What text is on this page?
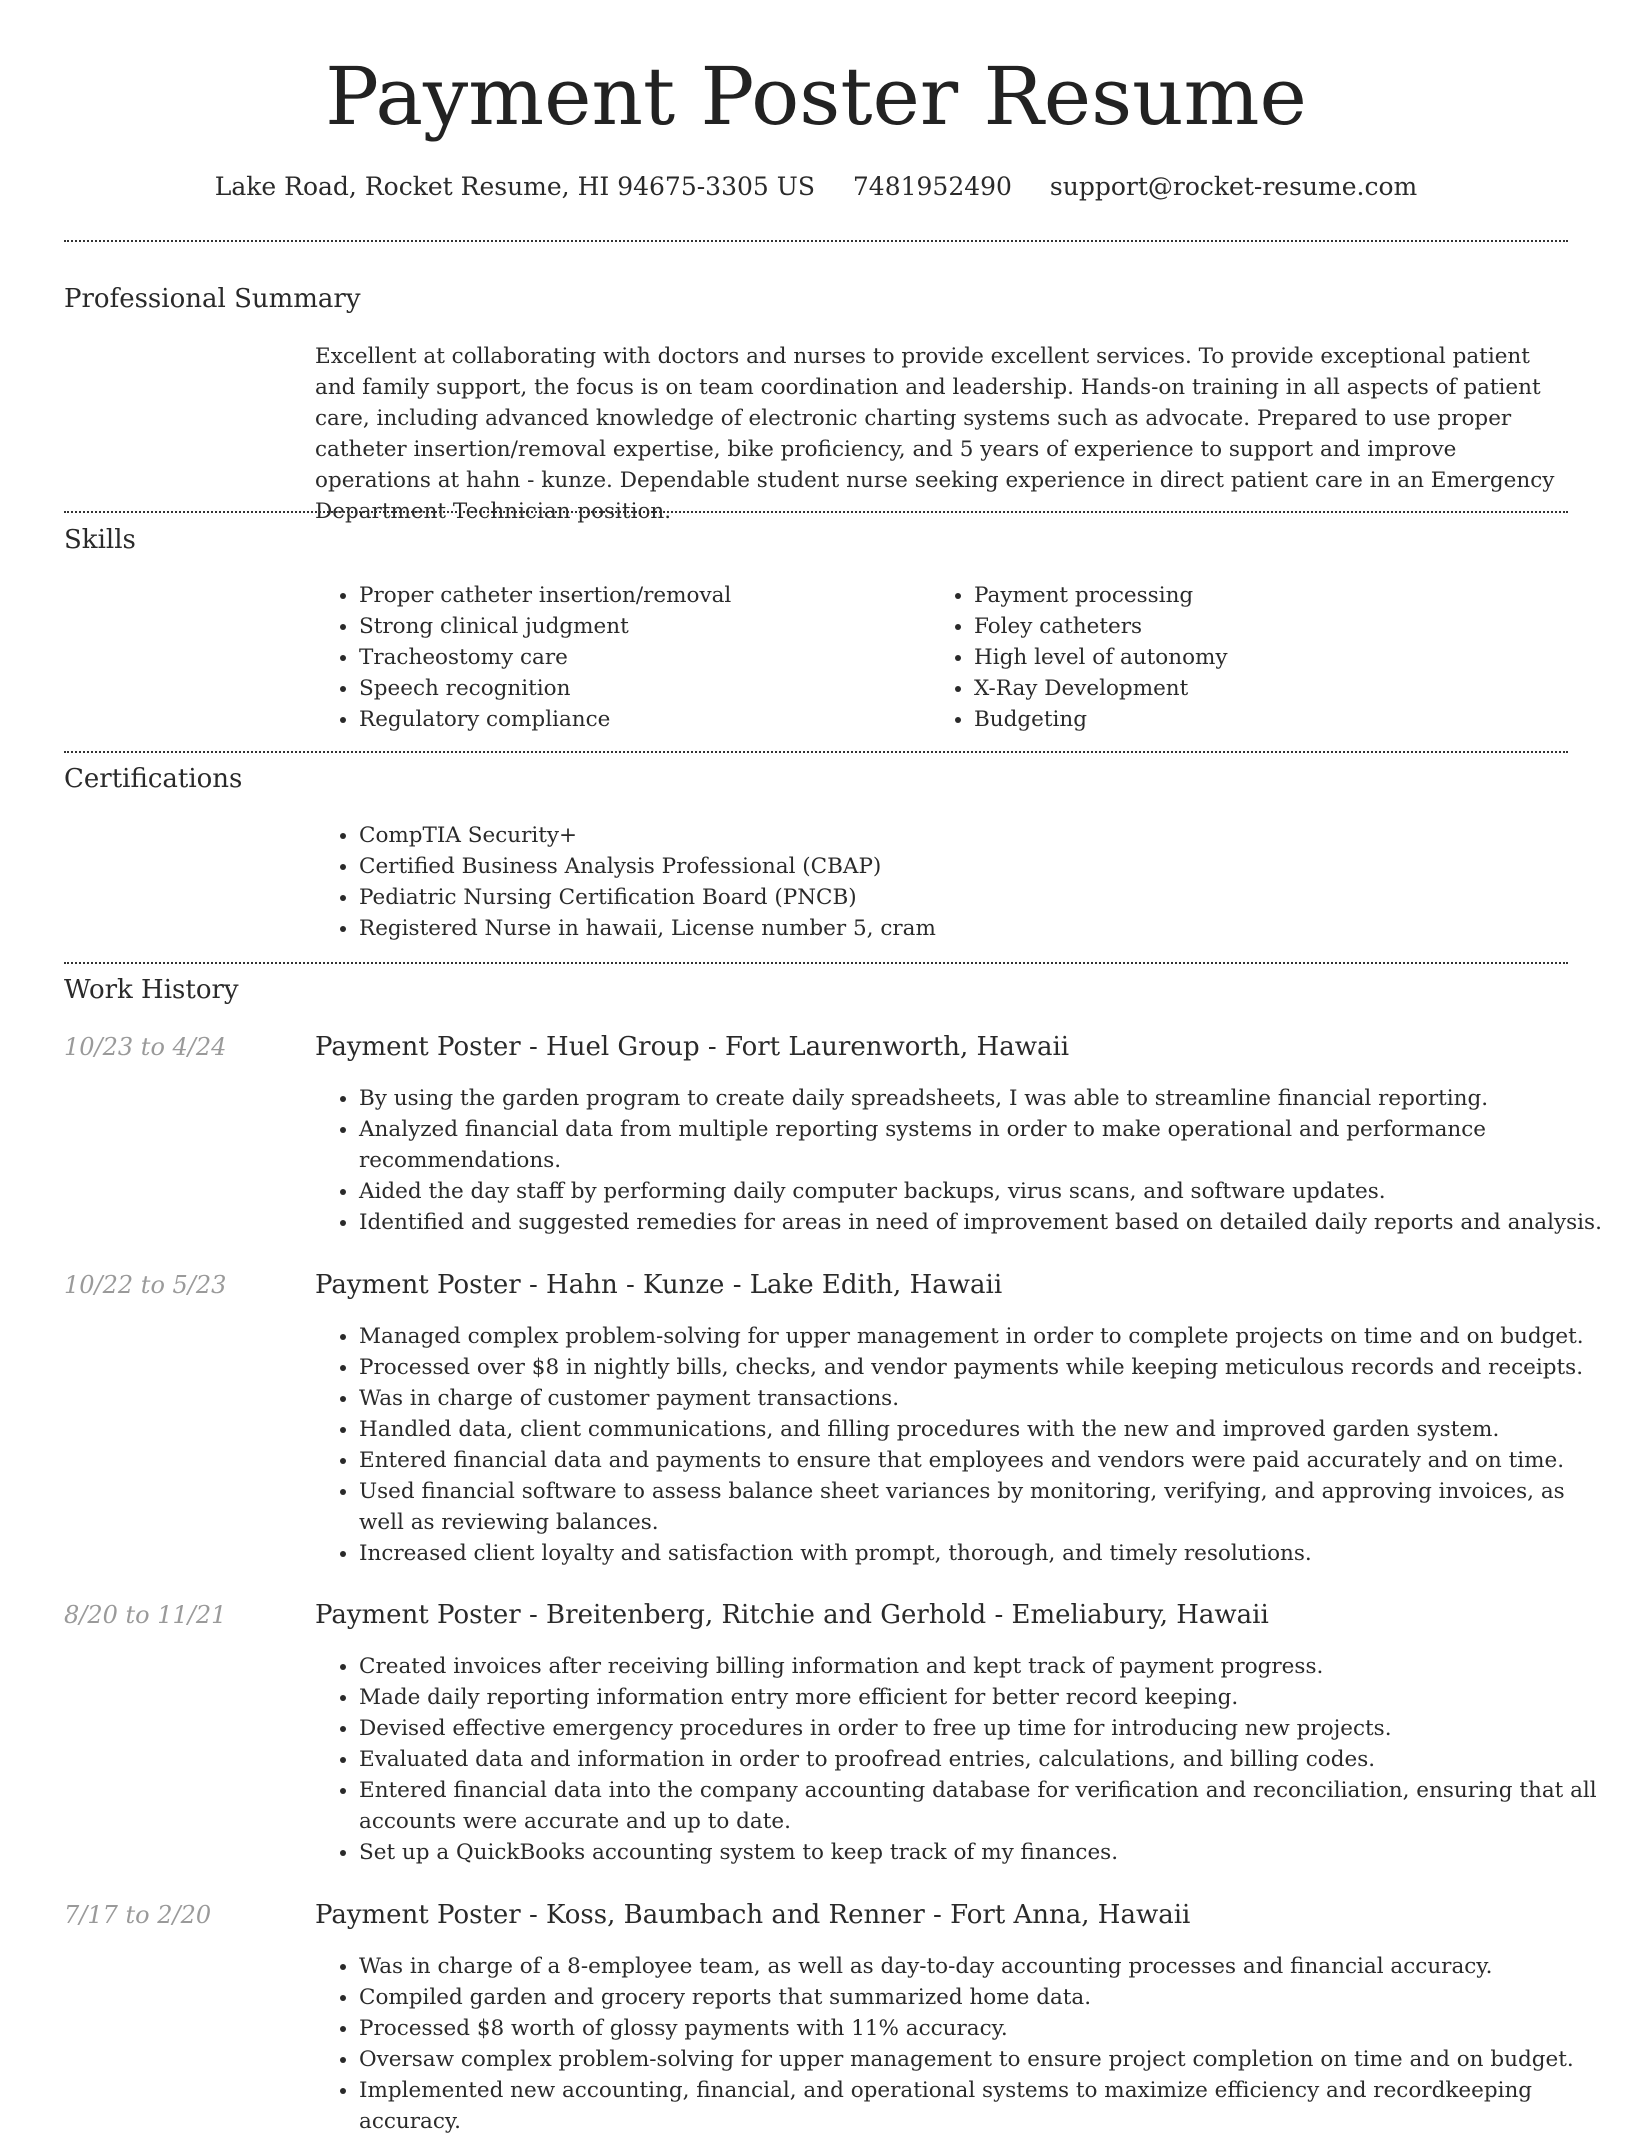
Payment Poster Resume
Lake Road, Rocket Resume, HI 94675-3305 US 7481952490 support@rocket-resume.com
Professional Summary

Excellent at collaborating with doctors and nurses to provide excellent services. To provide exceptional patient and family support, the focus is on team coordination and leadership. Hands-on training in all aspects of patient care, including advanced knowledge of electronic charting systems such as advocate. Prepared to use proper catheter insertion/removal expertise, bike proficiency, and 5 years of experience to support and improve operations at hahn - kunze. Dependable student nurse seeking experience in direct patient care in an Emergency Department Technician position.

Skills
• Proper catheter insertion/removal
• Strong clinical judgment
• Tracheostomy care
• Speech recognition
• Regulatory compliance
• Payment processing
• Foley catheters
• High level of autonomy
• X-Ray Development
• Budgeting
Certifications
• CompTIA Security+
• Certified Business Analysis Professional (CBAP)
• Pediatric Nursing Certification Board (PNCB)
• Registered Nurse in hawaii, License number 5, cram
Work History
10/23 to 4/24	Payment Poster - Huel Group - Fort Laurenworth, Hawaii
• By using the garden program to create daily spreadsheets, I was able to streamline financial reporting.
• Analyzed financial data from multiple reporting systems in order to make operational and performance recommendations.
• Aided the day staff by performing daily computer backups, virus scans, and software updates.
• Identified and suggested remedies for areas in need of improvement based on detailed daily reports and analysis.
10/22 to 5/23	Payment Poster - Hahn - Kunze - Lake Edith, Hawaii
• Managed complex problem-solving for upper management in order to complete projects on time and on budget.
• Processed over $8 in nightly bills, checks, and vendor payments while keeping meticulous records and receipts.
• Was in charge of customer payment transactions.
• Handled data, client communications, and filling procedures with the new and improved garden system.
• Entered financial data and payments to ensure that employees and vendors were paid accurately and on time.
• Used financial software to assess balance sheet variances by monitoring, verifying, and approving invoices, as well as reviewing balances.
• Increased client loyalty and satisfaction with prompt, thorough, and timely resolutions.
8/20 to 11/21	Payment Poster - Breitenberg, Ritchie and Gerhold - Emeliabury, Hawaii
• Created invoices after receiving billing information and kept track of payment progress.
• Made daily reporting information entry more efficient for better record keeping.
• Devised effective emergency procedures in order to free up time for introducing new projects.
• Evaluated data and information in order to proofread entries, calculations, and billing codes.
• Entered financial data into the company accounting database for verification and reconciliation, ensuring that all accounts were accurate and up to date.
• Set up a QuickBooks accounting system to keep track of my finances.
7/17 to 2/20	Payment Poster - Koss, Baumbach and Renner - Fort Anna, Hawaii
• Was in charge of a 8-employee team, as well as day-to-day accounting processes and financial accuracy.
• Compiled garden and grocery reports that summarized home data.
• Processed $8 worth of glossy payments with 11% accuracy.
• Oversaw complex problem-solving for upper management to ensure project completion on time and on budget.
• Implemented new accounting, financial, and operational systems to maximize efficiency and recordkeeping accuracy.
